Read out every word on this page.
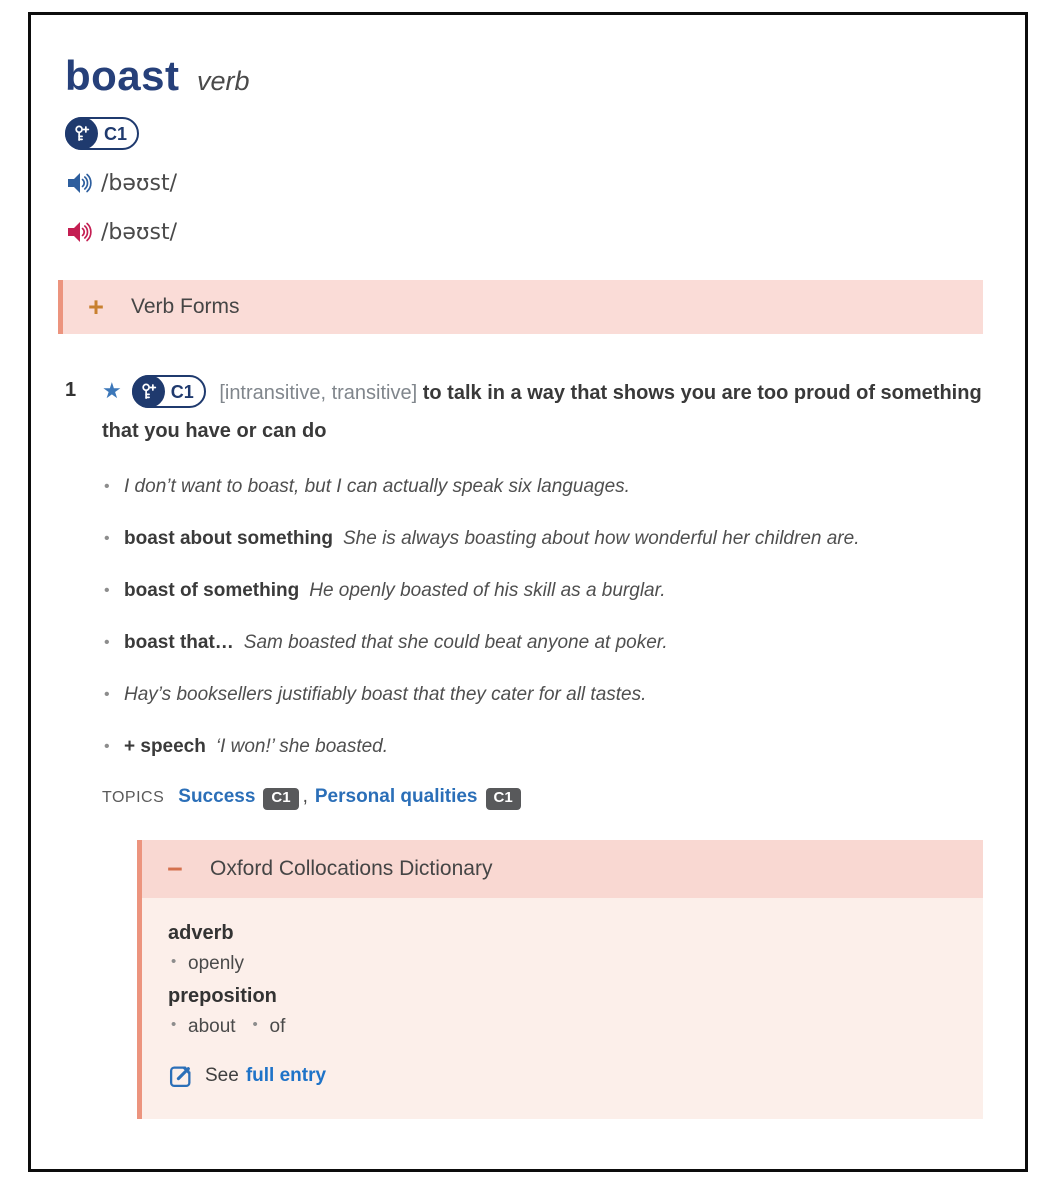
boast verb
C1
/bəʊst/
/bəʊst/
+ Verb Forms
1	★	C1 [intransitive, transitive] to talk in a way that shows you are too proud of something that you have or can do
• I don’t want to boast, but I can actually speak six languages.
• boast about something She is always boasting about how wonderful her children are.
• boast of something He openly boasted of his skill as a burglar.
• boast that… Sam boasted that she could beat anyone at poker.
• Hay’s booksellers justifiably boast that they cater for all tastes.
• + speech ‘I won!’ she boasted.
TOPICS Success C1 , Personal qualities C1
− Oxford Collocations Dictionary
adverb
• openly
preposition
• about • of
See full entry
